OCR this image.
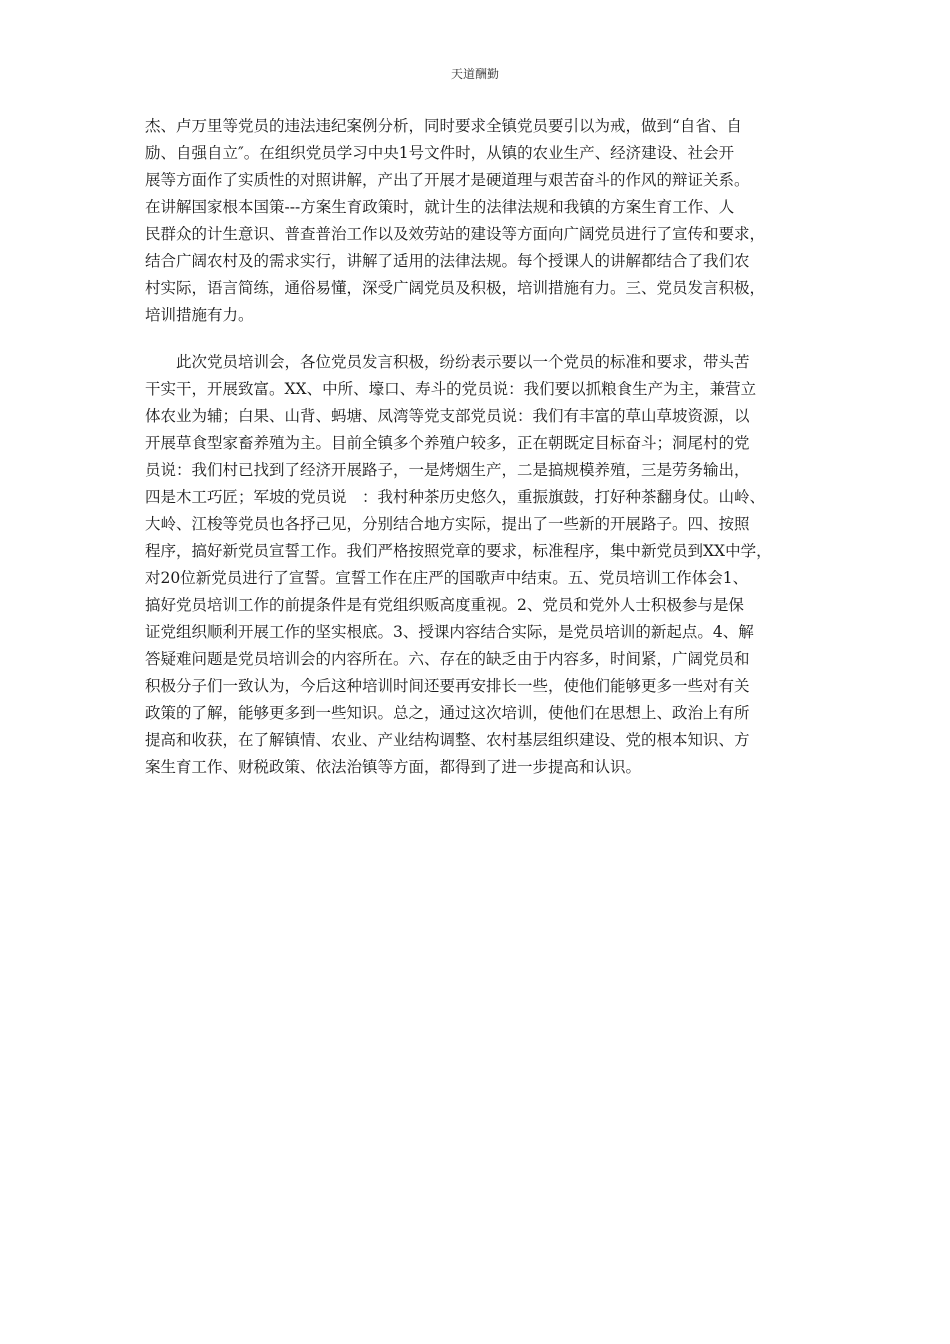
天道酬勤
杰、卢万里等党员的违法违纪案例分析，同时要求全镇党员要引以为戒，做到“自省、自
励、自强自立″。在组织党员学习中央1号文件时，从镇的农业生产、经济建设、社会开
展等方面作了实质性的对照讲解，产出了开展才是硬道理与艰苦奋斗的作风的辩证关系。
在讲解国家根本国策---方案生育政策时，就计生的法律法规和我镇的方案生育工作、人
民群众的计生意识、普查普治工作以及效劳站的建设等方面向广阔党员进行了宣传和要求，
结合广阔农村及的需求实行，讲解了适用的法律法规。每个授课人的讲解都结合了我们农
村实际，语言简练，通俗易懂，深受广阔党员及积极，培训措施有力。三、党员发言积极，
培训措施有力。
　　此次党员培训会，各位党员发言积极，纷纷表示要以一个党员的标准和要求，带头苦
干实干，开展致富。XX、中所、壕口、寿斗的党员说：我们要以抓粮食生产为主，兼营立
体农业为辅；白果、山背、蚂塘、凤湾等党支部党员说：我们有丰富的草山草坡资源，以
开展草食型家畜养殖为主。目前全镇多个养殖户较多，正在朝既定目标奋斗；洞尾村的党
员说：我们村已找到了经济开展路子，一是烤烟生产，二是搞规模养殖，三是劳务输出，
四是木工巧匠；军坡的党员说　：我村种茶历史悠久，重振旗鼓，打好种茶翻身仗。山岭、
大岭、江梭等党员也各抒己见，分别结合地方实际，提出了一些新的开展路子。四、按照
程序，搞好新党员宣誓工作。我们严格按照党章的要求，标准程序，集中新党员到XX中学，
对20位新党员进行了宣誓。宣誓工作在庄严的国歌声中结束。五、党员培训工作体会1、
搞好党员培训工作的前提条件是有党组织贩高度重视。2、党员和党外人士积极参与是保
证党组织顺利开展工作的坚实根底。3、授课内容结合实际，是党员培训的新起点。4、解
答疑难问题是党员培训会的内容所在。六、存在的缺乏由于内容多，时间紧，广阔党员和
积极分子们一致认为，今后这种培训时间还要再安排长一些，使他们能够更多一些对有关
政策的了解，能够更多到一些知识。总之，通过这次培训，使他们在思想上、政治上有所
提高和收获，在了解镇情、农业、产业结构调整、农村基层组织建设、党的根本知识、方
案生育工作、财税政策、依法治镇等方面，都得到了进一步提高和认识。
